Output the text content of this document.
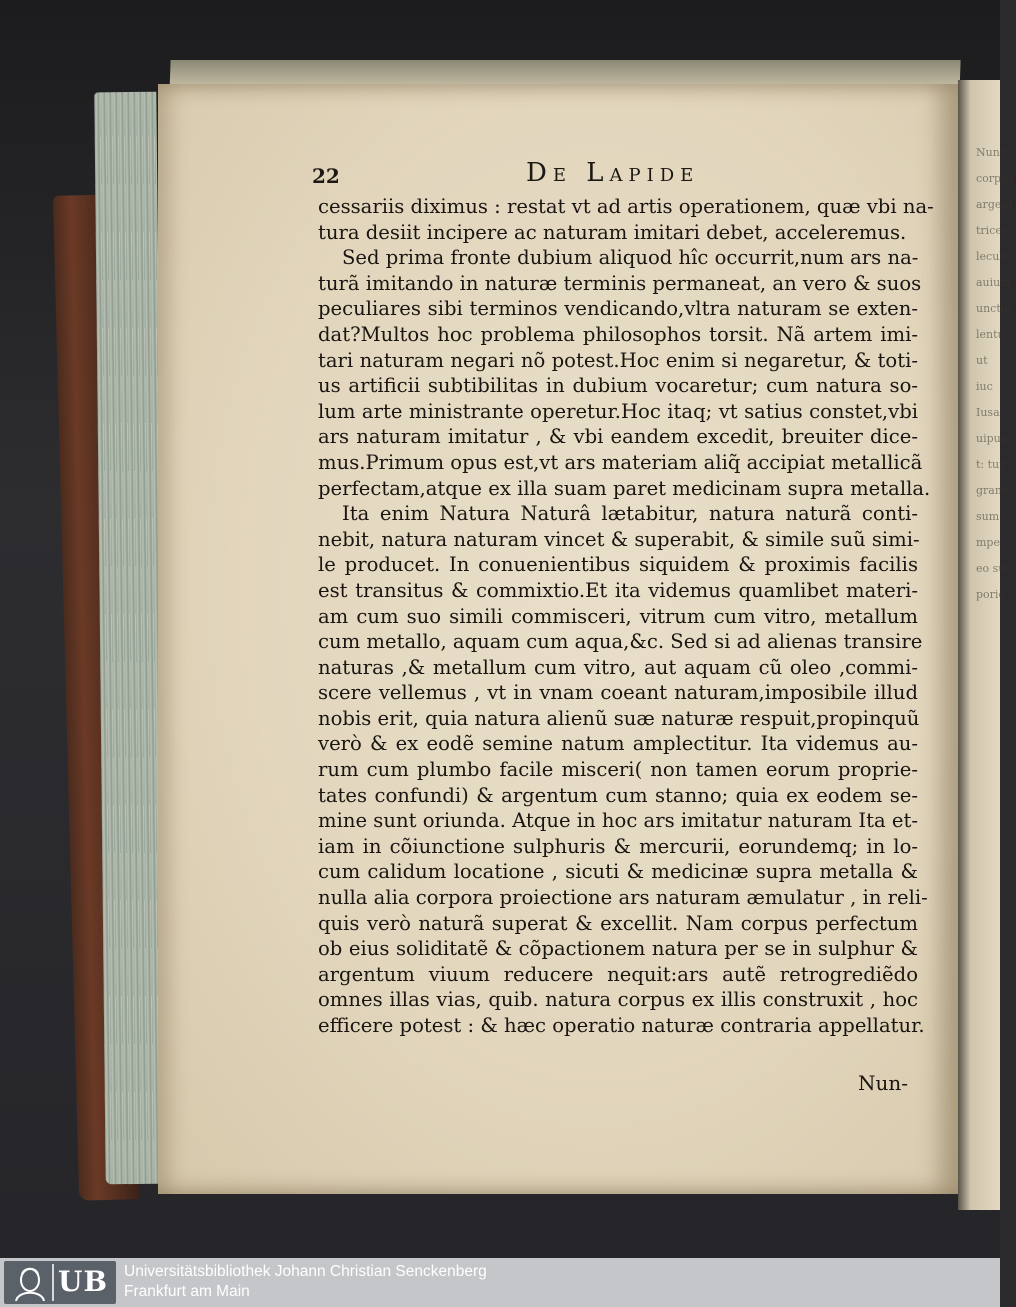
Nunq
corpus
argent
tricer
leculi
auium
unctio
lentu
ut
iuc
Iusa
uipua
t: tur
grand
sum
mpe
eo sul
porio
22	De Lapide
cessariis diximus : restat vt ad artis operationem, quæ vbi na-
tura desiit incipere ac naturam imitari debet, acceleremus.
Sed prima fronte dubium aliquod hîc occurrit,num ars na-
turã imitando in naturæ terminis permaneat, an vero & suos
peculiares sibi terminos vendicando,vltra naturam se exten-
dat?Multos hoc problema philosophos torsit. Nã artem imi-
tari naturam negari nõ potest.Hoc enim si negaretur, & toti-
us artificii subtibilitas in dubium vocaretur; cum natura so-
lum arte ministrante operetur.Hoc itaq; vt satius constet,vbi
ars naturam imitatur , & vbi eandem excedit, breuiter dice-
mus.Primum opus est,vt ars materiam aliq̃ accipiat metallicã
perfectam,atque ex illa suam paret medicinam supra metalla.
Ita enim Natura Naturâ lætabitur, natura naturã conti-
nebit, natura naturam vincet & superabit, & simile suũ simi-
le producet. In conuenientibus siquidem & proximis facilis
est transitus & commixtio.Et ita videmus quamlibet materi-
am cum suo simili commisceri, vitrum cum vitro, metallum
cum metallo, aquam cum aqua,&c. Sed si ad alienas transire
naturas ,& metallum cum vitro, aut aquam cũ oleo ,commi-
scere vellemus , vt in vnam coeant naturam,imposibile illud
nobis erit, quia natura alienũ suæ naturæ respuit,propinquũ
verò & ex eodẽ semine natum amplectitur. Ita videmus au-
rum cum plumbo facile misceri( non tamen eorum proprie-
tates confundi) & argentum cum stanno; quia ex eodem se-
mine sunt oriunda. Atque in hoc ars imitatur naturam Ita et-
iam in cõiunctione sulphuris & mercurii, eorundemq; in lo-
cum calidum locatione , sicuti & medicinæ supra metalla &
nulla alia corpora proiectione ars naturam æmulatur , in reli-
quis verò naturã superat & excellit. Nam corpus perfectum
ob eius soliditatẽ & cõpactionem natura per se in sulphur &
argentum viuum reducere nequit:ars autẽ retrogrediẽdo
omnes illas vias, quib. natura corpus ex illis construxit , hoc
efficere potest : & hæc operatio naturæ contraria appellatur.
Nun-
UB Universitätsbibliothek Johann Christian Senckenberg
Frankfurt am Main
